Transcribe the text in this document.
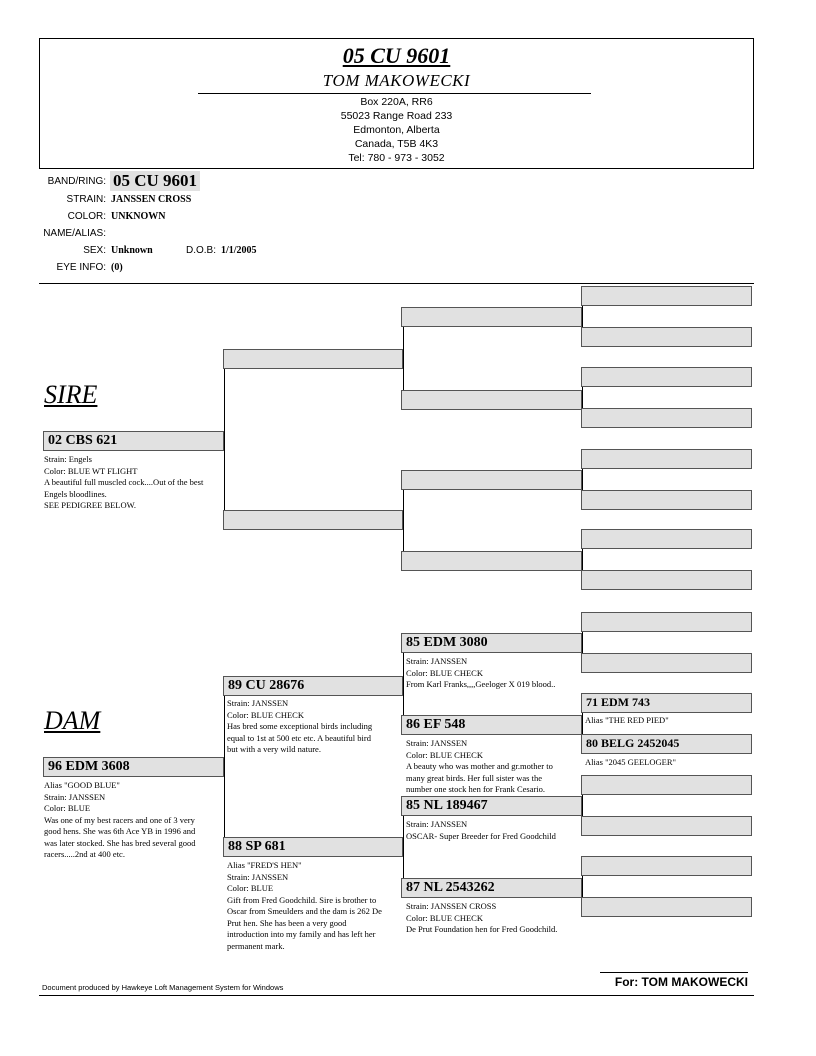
05 CU 9601
TOM MAKOWECKI
Box 220A, RR6
55023 Range Road 233
Edmonton, Alberta
Canada, T5B 4K3
Tel: 780 - 973 - 3052
BAND/RING: 05 CU 9601
STRAIN: JANSSEN CROSS
COLOR: UNKNOWN
NAME/ALIAS:
SEX: Unknown	D.O.B: 1/1/2005
EYE INFO: (0)
SIRE
DAM
02 CBS 621
Strain: Engels
Color: BLUE WT FLIGHT
A beautiful full muscled cock....Out of the best
Engels bloodlines.
SEE PEDIGREE BELOW.
96 EDM 3608
Alias "GOOD BLUE"
Strain: JANSSEN
Color: BLUE
Was one of my best racers and one of 3 very
good hens. She was 6th Ace YB in 1996 and
was later stocked. She has bred several good
racers.....2nd at 400 etc.
89 CU 28676
Strain: JANSSEN
Color: BLUE CHECK
Has bred some exceptional birds including
equal to 1st at 500 etc etc. A beautiful bird
but with a very wild nature.
88 SP 681
Alias "FRED'S HEN"
Strain: JANSSEN
Color: BLUE
Gift from Fred Goodchild. Sire is brother to
Oscar from Smeulders and the dam is 262 De
Prut hen. She has been a very good
introduction into my family and has left her
permanent mark.
85 EDM 3080
Strain: JANSSEN
Color: BLUE CHECK
From Karl Franks,,,,Geeloger X 019 blood..
86 EF 548
Strain: JANSSEN
Color: BLUE CHECK
A beauty who was mother and gr.mother to
many great birds. Her full sister was the
number one stock hen for Frank Cesario.
85 NL 189467
Strain: JANSSEN
OSCAR- Super Breeder for Fred Goodchild
87 NL 2543262
Strain: JANSSEN CROSS
Color: BLUE CHECK
De Prut Foundation hen for Fred Goodchild.
71 EDM 743
Alias "THE RED PIED"
80 BELG 2452045
Alias "2045 GEELOGER"
Document produced by Hawkeye Loft Management System for Windows	For: TOM MAKOWECKI
